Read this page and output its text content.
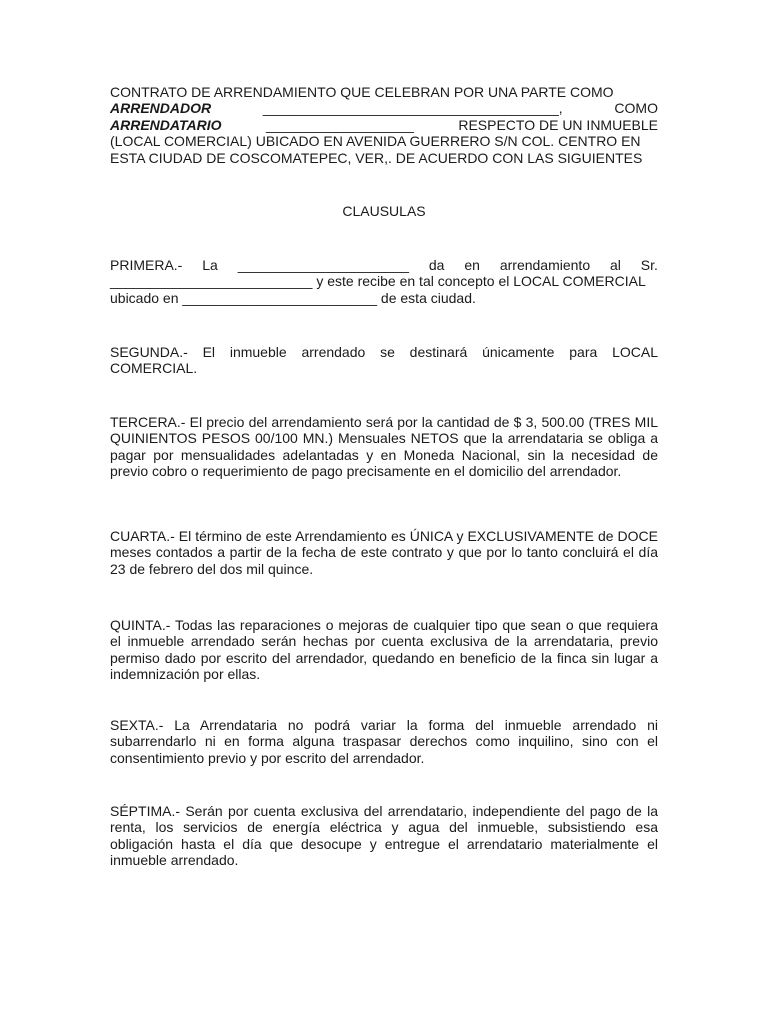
CONTRATO DE ARRENDAMIENTO QUE CELEBRAN POR UNA PARTE COMO
ARRENDADOR	______________________________________,	COMO
ARRENDATARIO	___________________	RESPECTO DE UN INMUEBLE
(LOCAL COMERCIAL) UBICADO EN AVENIDA GUERRERO S/N COL. CENTRO EN
ESTA CIUDAD DE COSCOMATEPEC, VER,. DE ACUERDO CON LAS SIGUIENTES
CLAUSULAS
PRIMERA.- La ______________________ da en arrendamiento al Sr.
__________________________ y este recibe en tal concepto el LOCAL COMERCIAL
ubicado en _________________________ de esta ciudad.

SEGUNDA.- El inmueble arrendado se destinará únicamente para LOCAL COMERCIAL.

TERCERA.- El precio del arrendamiento será por la cantidad de $ 3, 500.00 (TRES MIL QUINIENTOS PESOS 00/100 MN.) Mensuales NETOS que la arrendataria se obliga a pagar por mensualidades adelantadas y en Moneda Nacional, sin la necesidad de previo cobro o requerimiento de pago precisamente en el domicilio del arrendador.

CUARTA.- El término de este Arrendamiento es ÚNICA y EXCLUSIVAMENTE de DOCE meses contados a partir de la fecha de este contrato y que por lo tanto concluirá el día 23 de febrero del dos mil quince.

QUINTA.- Todas las reparaciones o mejoras de cualquier tipo que sean o que requiera el inmueble arrendado serán hechas por cuenta exclusiva de la arrendataria, previo permiso dado por escrito del arrendador, quedando en beneficio de la finca sin lugar a indemnización por ellas.

SEXTA.- La Arrendataria no podrá variar la forma del inmueble arrendado ni subarrendarlo ni en forma alguna traspasar derechos como inquilino, sino con el consentimiento previo y por escrito del arrendador.

SÉPTIMA.- Serán por cuenta exclusiva del arrendatario, independiente del pago de la renta, los servicios de energía eléctrica y agua del inmueble, subsistiendo esa obligación hasta el día que desocupe y entregue el arrendatario materialmente el inmueble arrendado.
